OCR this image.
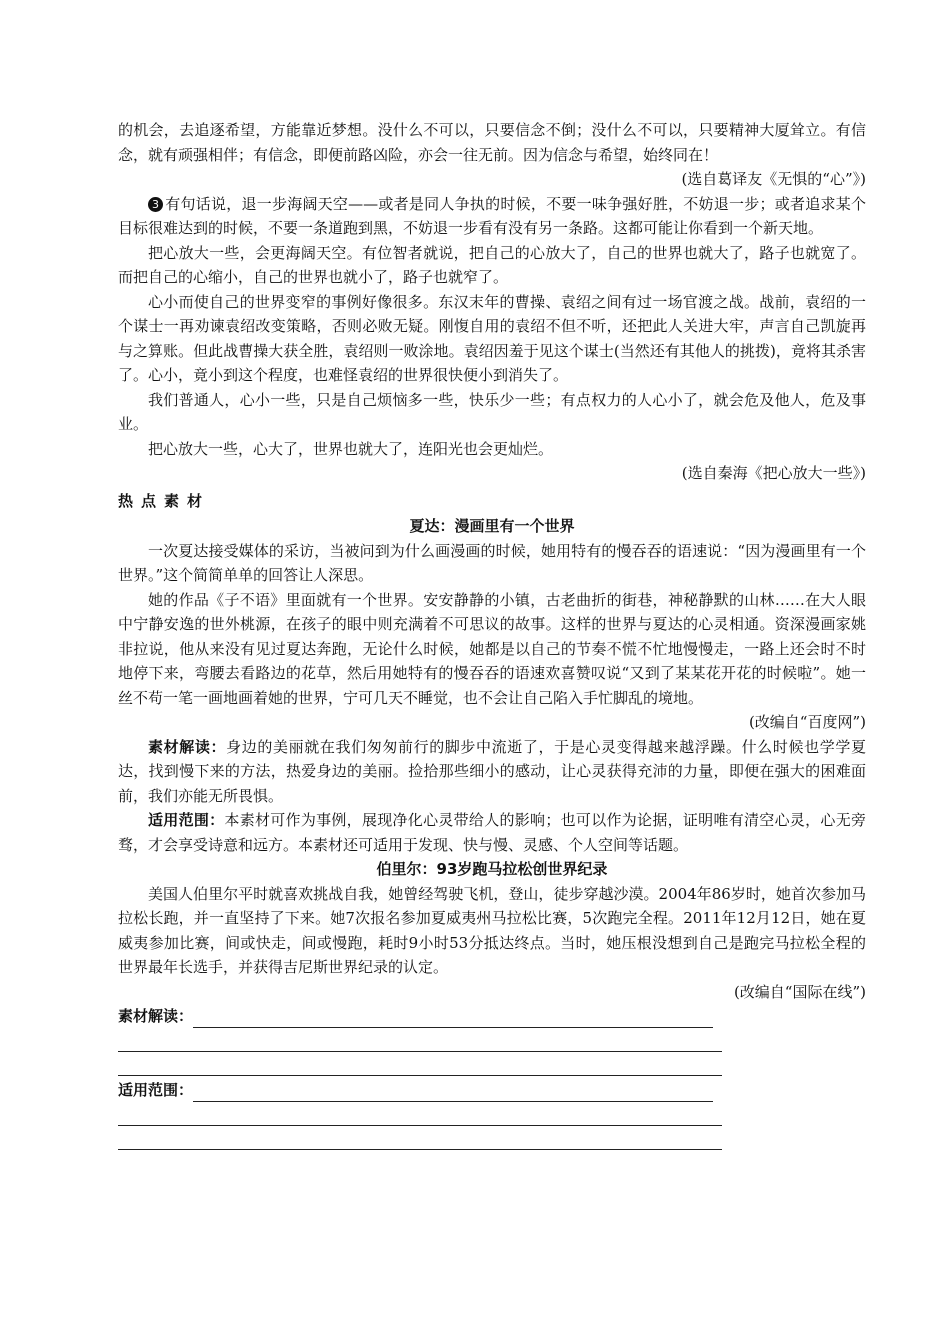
的机会，去追逐希望，方能靠近梦想。没什么不可以，只要信念不倒；没什么不可以，只要精神大厦耸立。有信念，就有顽强相伴；有信念，即便前路凶险，亦会一往无前。因为信念与希望，始终同在！

(选自葛译友《无惧的“心”》)

3 有句话说，退一步海阔天空——或者是同人争执的时候，不要一味争强好胜，不妨退一步；或者追求某个目标很难达到的时候，不要一条道跑到黑，不妨退一步看有没有另一条路。这都可能让你看到一个新天地。

把心放大一些，会更海阔天空。有位智者就说，把自己的心放大了，自己的世界也就大了，路子也就宽了。而把自己的心缩小，自己的世界也就小了，路子也就窄了。

心小而使自己的世界变窄的事例好像很多。东汉末年的曹操、袁绍之间有过一场官渡之战。战前，袁绍的一个谋士一再劝谏袁绍改变策略，否则必败无疑。刚愎自用的袁绍不但不听，还把此人关进大牢，声言自己凯旋再与之算账。但此战曹操大获全胜，袁绍则一败涂地。袁绍因羞于见这个谋士(当然还有其他人的挑拨)，竟将其杀害了。心小，竟小到这个程度，也难怪袁绍的世界很快便小到消失了。

我们普通人，心小一些，只是自己烦恼多一些，快乐少一些；有点权力的人心小了，就会危及他人，危及事业。

把心放大一些，心大了，世界也就大了，连阳光也会更灿烂。

(选自秦海《把心放大一些》)

热点素材

夏达：漫画里有一个世界

一次夏达接受媒体的采访，当被问到为什么画漫画的时候，她用特有的慢吞吞的语速说：“因为漫画里有一个世界。”这个简简单单的回答让人深思。

她的作品《子不语》里面就有一个世界。安安静静的小镇，古老曲折的街巷，神秘静默的山林……在大人眼中宁静安逸的世外桃源，在孩子的眼中则充满着不可思议的故事。这样的世界与夏达的心灵相通。资深漫画家姚非拉说，他从来没有见过夏达奔跑，无论什么时候，她都是以自己的节奏不慌不忙地慢慢走，一路上还会时不时地停下来，弯腰去看路边的花草，然后用她特有的慢吞吞的语速欢喜赞叹说“又到了某某花开花的时候啦”。她一丝不苟一笔一画地画着她的世界，宁可几天不睡觉，也不会让自己陷入手忙脚乱的境地。

(改编自“百度网”)

素材解读：身边的美丽就在我们匆匆前行的脚步中流逝了，于是心灵变得越来越浮躁。什么时候也学学夏达，找到慢下来的方法，热爱身边的美丽。捡拾那些细小的感动，让心灵获得充沛的力量，即便在强大的困难面前，我们亦能无所畏惧。

适用范围：本素材可作为事例，展现净化心灵带给人的影响；也可以作为论据，证明唯有清空心灵，心无旁骛，才会享受诗意和远方。本素材还可适用于发现、快与慢、灵感、个人空间等话题。

伯里尔：93岁跑马拉松创世界纪录

美国人伯里尔平时就喜欢挑战自我，她曾经驾驶飞机，登山，徒步穿越沙漠。2004年86岁时，她首次参加马拉松长跑，并一直坚持了下来。她7次报名参加夏威夷州马拉松比赛，5次跑完全程。2011年12月12日，她在夏威夷参加比赛，间或快走，间或慢跑，耗时9小时53分抵达终点。当时，她压根没想到自己是跑完马拉松全程的世界最年长选手，并获得吉尼斯世界纪录的认定。

(改编自“国际在线”)

素材解读：
适用范围：
